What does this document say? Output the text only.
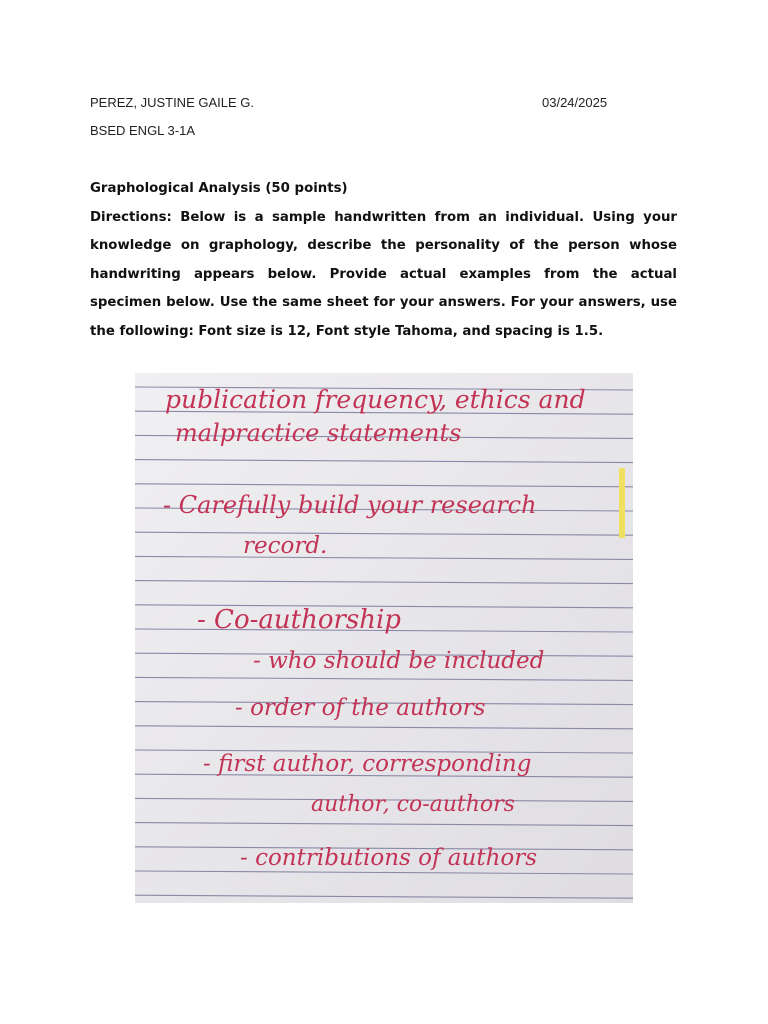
PEREZ, JUSTINE GAILE G.	03/24/2025
BSED ENGL 3-1A
Graphological Analysis (50 points)
Directions: Below is a sample handwritten from an individual. Using your knowledge on graphology, describe the personality of the person whose handwriting appears below. Provide actual examples from the actual specimen below. Use the same sheet for your answers. For your answers, use the following: Font size is 12, Font style Tahoma, and spacing is 1.5.
publication frequency, ethics and
malpractice statements
- Carefully build your research
record.
- Co-authorship
- who should be included
- order of the authors
- first author, corresponding
author, co-authors
- contributions of authors
